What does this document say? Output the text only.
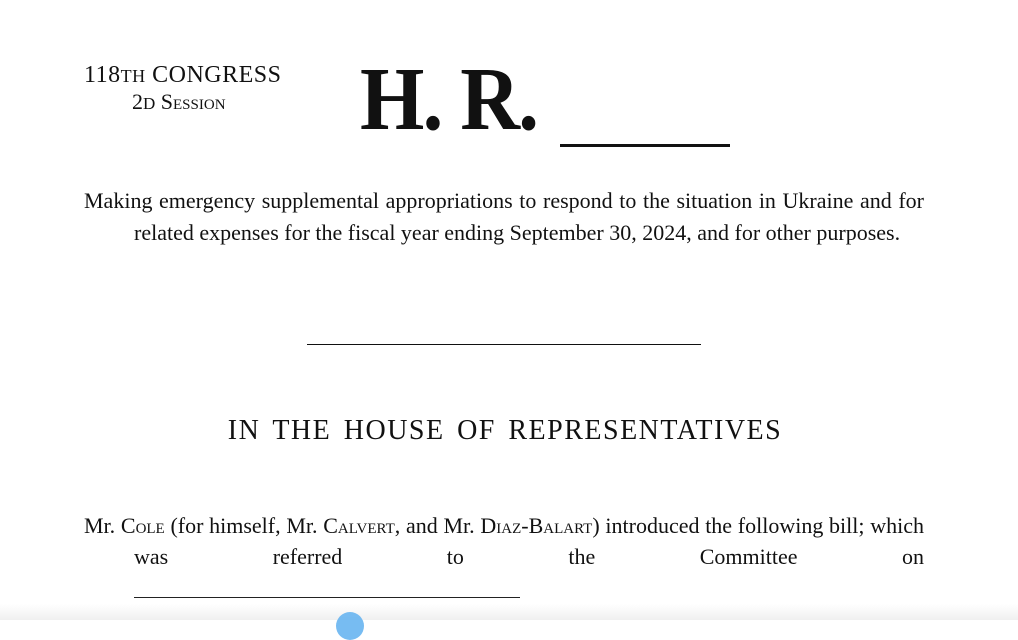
118TH CONGRESS
2D Session	H. R.
Making emergency supplemental appropriations to respond to the situation in Ukraine and for related expenses for the fiscal year ending September 30, 2024, and for other purposes.
IN THE HOUSE OF REPRESENTATIVES
Mr. Cole (for himself, Mr. Calvert, and Mr. Diaz-Balart) introduced the following bill; which was referred to the Committee on
